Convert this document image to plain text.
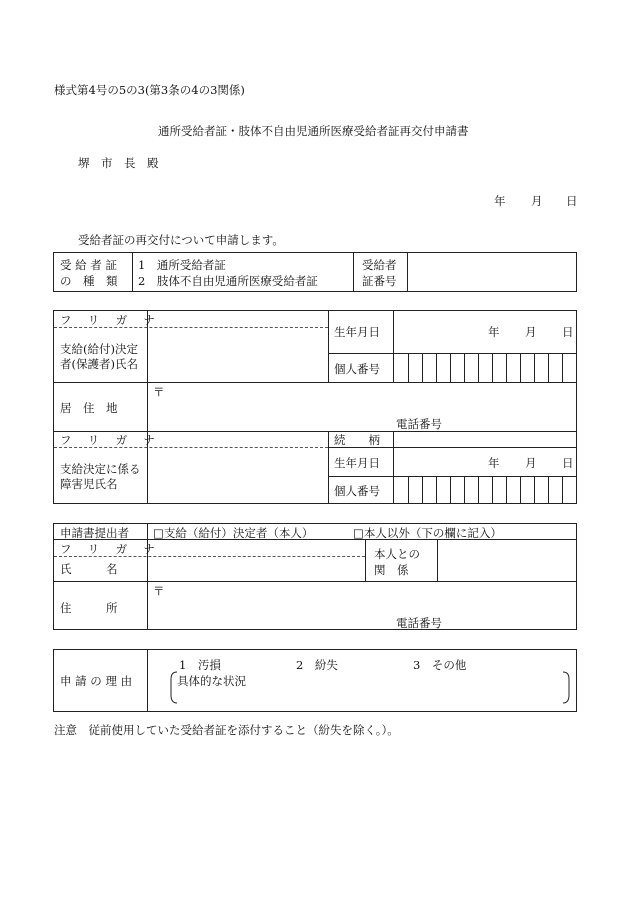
様式第4号の5の3(第3条の4の3関係)
通所受給者証・肢体不自由児通所医療受給者証再交付申請書
堺　市　長　殿
年 月 日
受給者証の再交付について申請します。
受 給 者 証
の　種　類
1　通所受給者証
2　肢体不自由児通所医療受給者証
受給者
証番号
フ リ ガ ナ
支給(給付)決定
者(保護者)氏名
生年月日	年 月 日
個人番号
〒
居　住　地
電話番号
フ リ ガ ナ	続　　柄
支給決定に係る
障害児氏名
生年月日	年 月 日
個人番号
申請書提出者 □支給（給付）決定者（本人）	□本人以外（下の欄に記入）
フ リ ガ ナ
氏　　　名
本人との
関　係
〒
住　　　所
電話番号
申 請 の 理 由
1　汚損	2　紛失	3　その他
具体的な状況
注意　従前使用していた受給者証を添付すること（紛失を除く。）。
